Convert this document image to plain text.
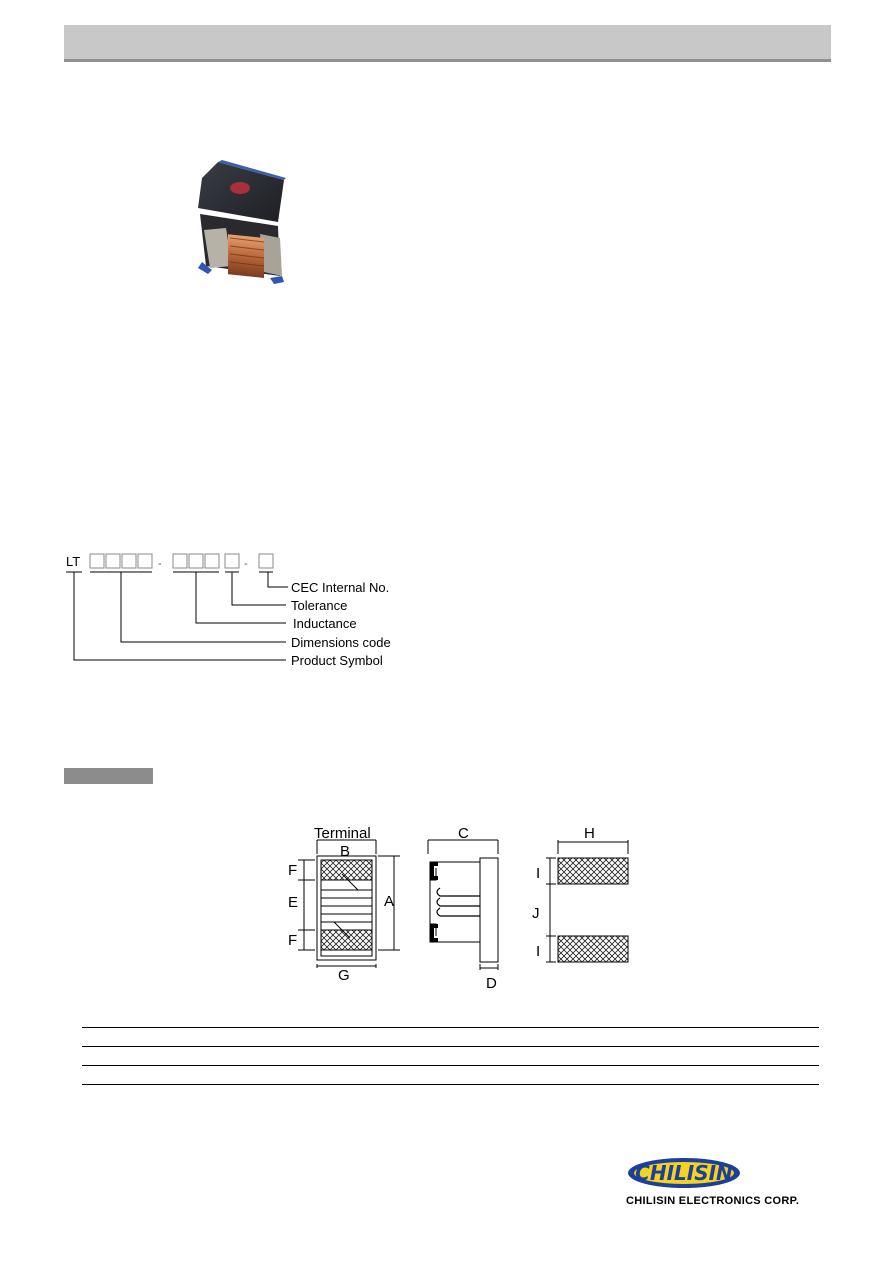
LT	-	-
CEC Internal No.
Tolerance
Inductance
Dimensions code
Product Symbol
Terminal
B
A
F
E
F
G
C
D
H
I
J
I
CHILISIN
CHILISIN ELECTRONICS CORP.
